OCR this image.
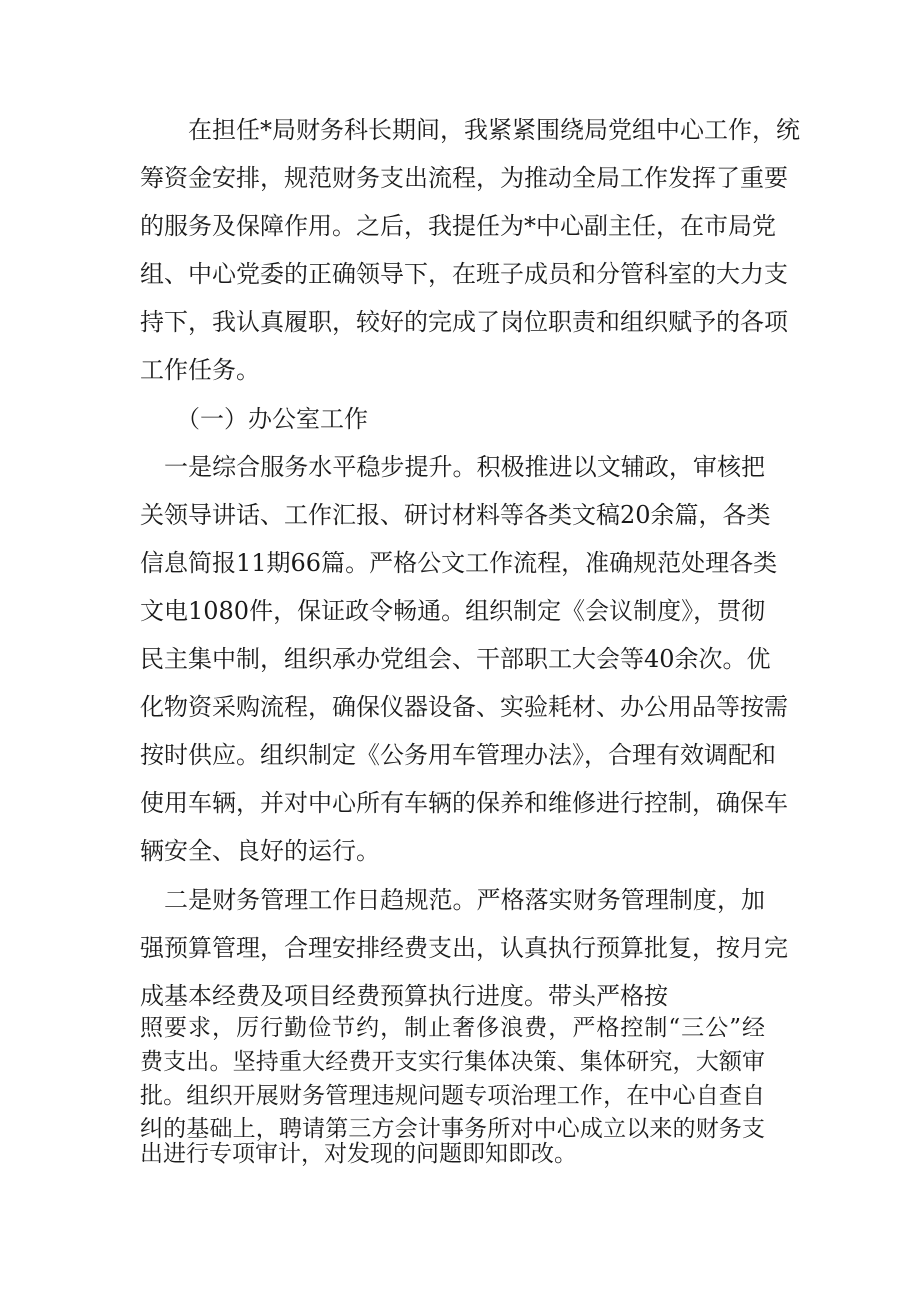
　　在担任*局财务科长期间，我紧紧围绕局党组中心工作，统
筹资金安排，规范财务支出流程，为推动全局工作发挥了重要
的服务及保障作用。之后，我提任为*中心副主任，在市局党
组、中心党委的正确领导下，在班子成员和分管科室的大力支
持下，我认真履职，较好的完成了岗位职责和组织赋予的各项
工作任务。
　　（一）办公室工作
　一是综合服务水平稳步提升。积极推进以文辅政，审核把
关领导讲话、工作汇报、研讨材料等各类文稿20余篇，各类
信息简报11期66篇。严格公文工作流程，准确规范处理各类
文电1080件，保证政令畅通。组织制定《会议制度》，贯彻
民主集中制，组织承办党组会、干部职工大会等40余次。优
化物资采购流程，确保仪器设备、实验耗材、办公用品等按需
按时供应。组织制定《公务用车管理办法》，合理有效调配和
使用车辆，并对中心所有车辆的保养和维修进行控制，确保车
辆安全、良好的运行。
　二是财务管理工作日趋规范。严格落实财务管理制度，加
强预算管理，合理安排经费支出，认真执行预算批复，按月完
成基本经费及项目经费预算执行进度。带头严格按
照要求，厉行勤俭节约，制止奢侈浪费，严格控制“三公”经
费支出。坚持重大经费开支实行集体决策、集体研究，大额审
批。组织开展财务管理违规问题专项治理工作，在中心自查自
纠的基础上，聘请第三方会计事务所对中心成立以来的财务支
出进行专项审计，对发现的问题即知即改。
